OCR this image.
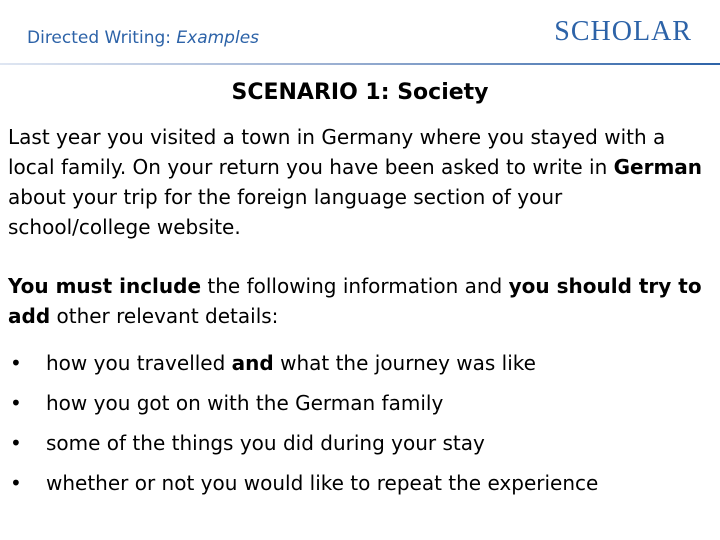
Directed Writing: Examples	SCHOLAR
SCENARIO 1: Society

Last year you visited a town in Germany where you stayed with a local family. On your return you have been asked to write in German about your trip for the foreign language section of your school/college website.

You must include the following information and you should try to add other relevant details:

• how you travelled and what the journey was like
• how you got on with the German family
• some of the things you did during your stay
• whether or not you would like to repeat the experience
